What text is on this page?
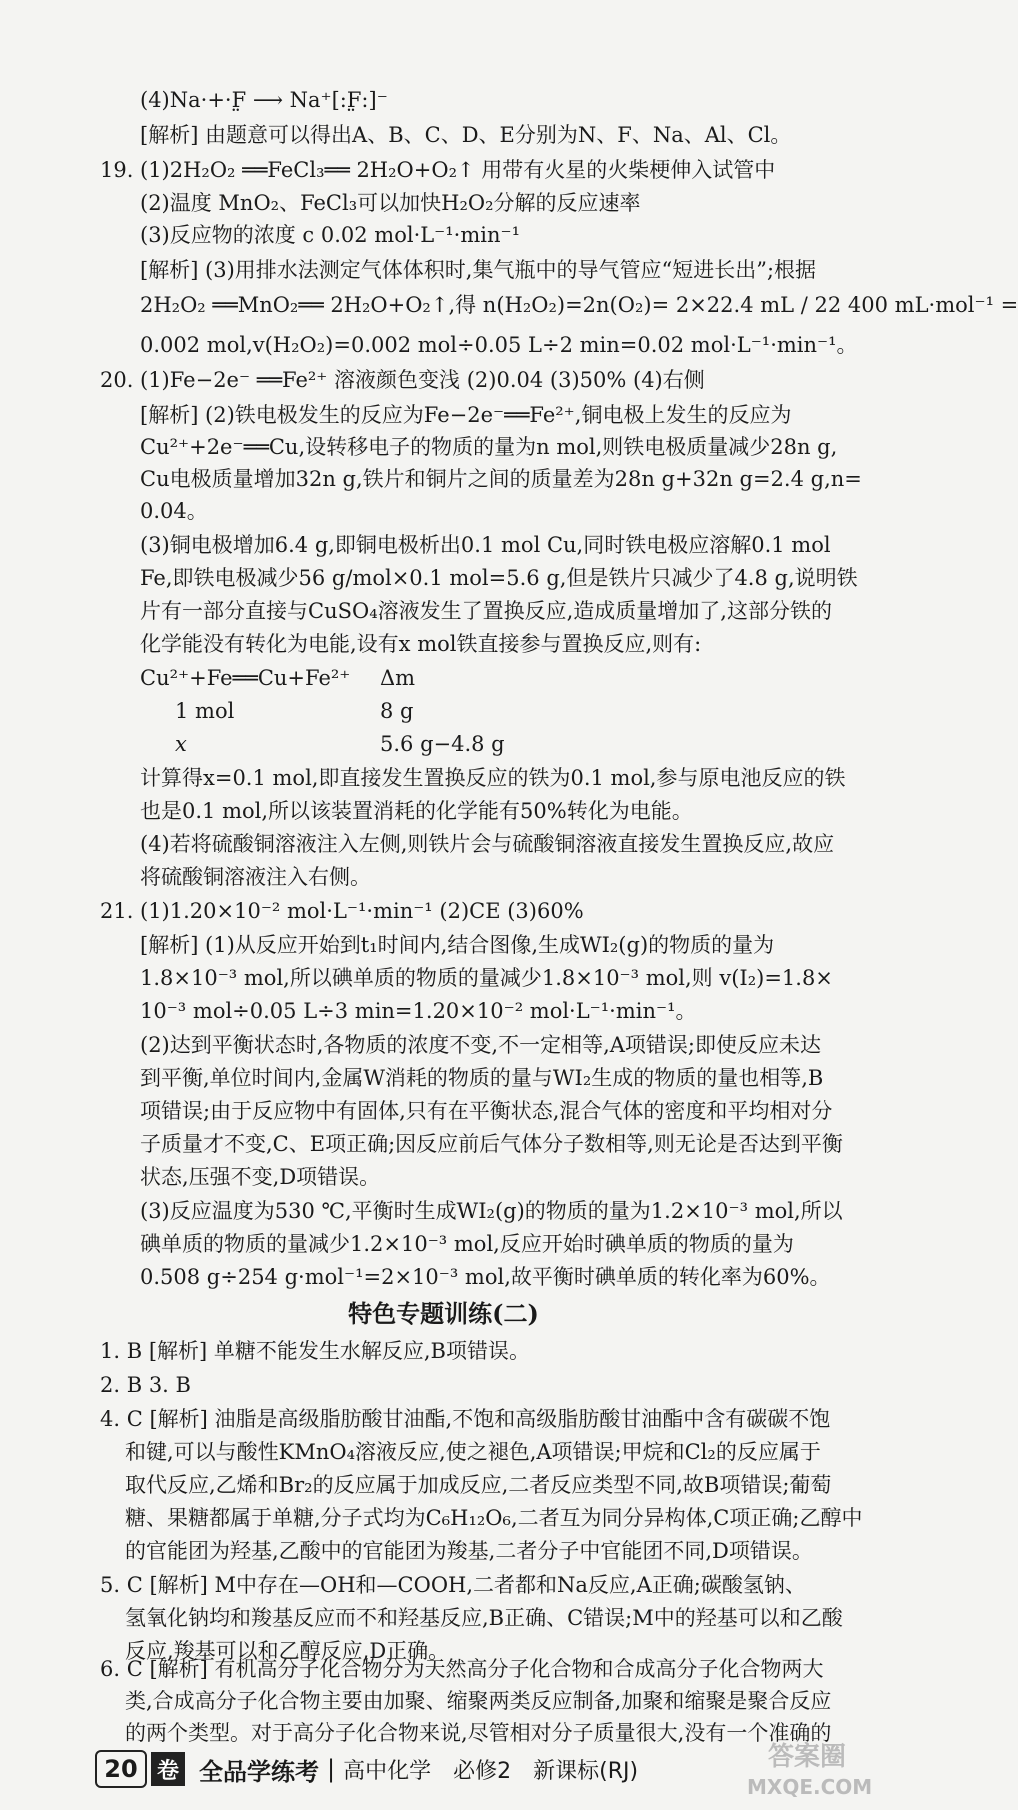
(4)Na·+·F̤ ⟶ Na⁺[:F̤:]⁻
[解析] 由题意可以得出A、B、C、D、E分别为N、F、Na、Al、Cl。
19. (1)2H₂O₂ ══FeCl₃══ 2H₂O+O₂↑ 用带有火星的火柴梗伸入试管中
(2)温度 MnO₂、FeCl₃可以加快H₂O₂分解的反应速率
(3)反应物的浓度 c 0.02 mol·L⁻¹·min⁻¹
[解析] (3)用排水法测定气体体积时,集气瓶中的导气管应“短进长出”;根据
2H₂O₂ ══MnO₂══ 2H₂O+O₂↑,得 n(H₂O₂)=2n(O₂)= 2×22.4 mL / 22 400 mL·mol⁻¹ =
0.002 mol,v(H₂O₂)=0.002 mol÷0.05 L÷2 min=0.02 mol·L⁻¹·min⁻¹。
20. (1)Fe−2e⁻ ══Fe²⁺ 溶液颜色变浅 (2)0.04 (3)50% (4)右侧
[解析] (2)铁电极发生的反应为Fe−2e⁻══Fe²⁺,铜电极上发生的反应为
Cu²⁺+2e⁻══Cu,设转移电子的物质的量为n mol,则铁电极质量减少28n g,
Cu电极质量增加32n g,铁片和铜片之间的质量差为28n g+32n g=2.4 g,n=
0.04。
(3)铜电极增加6.4 g,即铜电极析出0.1 mol Cu,同时铁电极应溶解0.1 mol
Fe,即铁电极减少56 g/mol×0.1 mol=5.6 g,但是铁片只减少了4.8 g,说明铁
片有一部分直接与CuSO₄溶液发生了置换反应,造成质量增加了,这部分铁的
化学能没有转化为电能,设有x mol铁直接参与置换反应,则有:
Cu²⁺+Fe══Cu+Fe²⁺ Δm
1 mol	8 g
x	5.6 g−4.8 g
计算得x=0.1 mol,即直接发生置换反应的铁为0.1 mol,参与原电池反应的铁
也是0.1 mol,所以该装置消耗的化学能有50%转化为电能。
(4)若将硫酸铜溶液注入左侧,则铁片会与硫酸铜溶液直接发生置换反应,故应
将硫酸铜溶液注入右侧。
21. (1)1.20×10⁻² mol·L⁻¹·min⁻¹ (2)CE (3)60%
[解析] (1)从反应开始到t₁时间内,结合图像,生成WI₂(g)的物质的量为
1.8×10⁻³ mol,所以碘单质的物质的量减少1.8×10⁻³ mol,则 v(I₂)=1.8×
10⁻³ mol÷0.05 L÷3 min=1.20×10⁻² mol·L⁻¹·min⁻¹。
(2)达到平衡状态时,各物质的浓度不变,不一定相等,A项错误;即使反应未达
到平衡,单位时间内,金属W消耗的物质的量与WI₂生成的物质的量也相等,B
项错误;由于反应物中有固体,只有在平衡状态,混合气体的密度和平均相对分
子质量才不变,C、E项正确;因反应前后气体分子数相等,则无论是否达到平衡
状态,压强不变,D项错误。
(3)反应温度为530 ℃,平衡时生成WI₂(g)的物质的量为1.2×10⁻³ mol,所以
碘单质的物质的量减少1.2×10⁻³ mol,反应开始时碘单质的物质的量为
0.508 g÷254 g·mol⁻¹=2×10⁻³ mol,故平衡时碘单质的转化率为60%。
特色专题训练(二)
1. B [解析] 单糖不能发生水解反应,B项错误。
2. B 3. B
4. C [解析] 油脂是高级脂肪酸甘油酯,不饱和高级脂肪酸甘油酯中含有碳碳不饱
和键,可以与酸性KMnO₄溶液反应,使之褪色,A项错误;甲烷和Cl₂的反应属于
取代反应,乙烯和Br₂的反应属于加成反应,二者反应类型不同,故B项错误;葡萄
糖、果糖都属于单糖,分子式均为C₆H₁₂O₆,二者互为同分异构体,C项正确;乙醇中
的官能团为羟基,乙酸中的官能团为羧基,二者分子中官能团不同,D项错误。
5. C [解析] M中存在—OH和—COOH,二者都和Na反应,A正确;碳酸氢钠、
氢氧化钠均和羧基反应而不和羟基反应,B正确、C错误;M中的羟基可以和乙酸
反应,羧基可以和乙醇反应,D正确。
6. C [解析] 有机高分子化合物分为天然高分子化合物和合成高分子化合物两大
类,合成高分子化合物主要由加聚、缩聚两类反应制备,加聚和缩聚是聚合反应
的两个类型。对于高分子化合物来说,尽管相对分子质量很大,没有一个准确的
20 卷 全品学练考 | 高中化学 必修2 新课标(RJ)	答案圈
MXQE.COM
